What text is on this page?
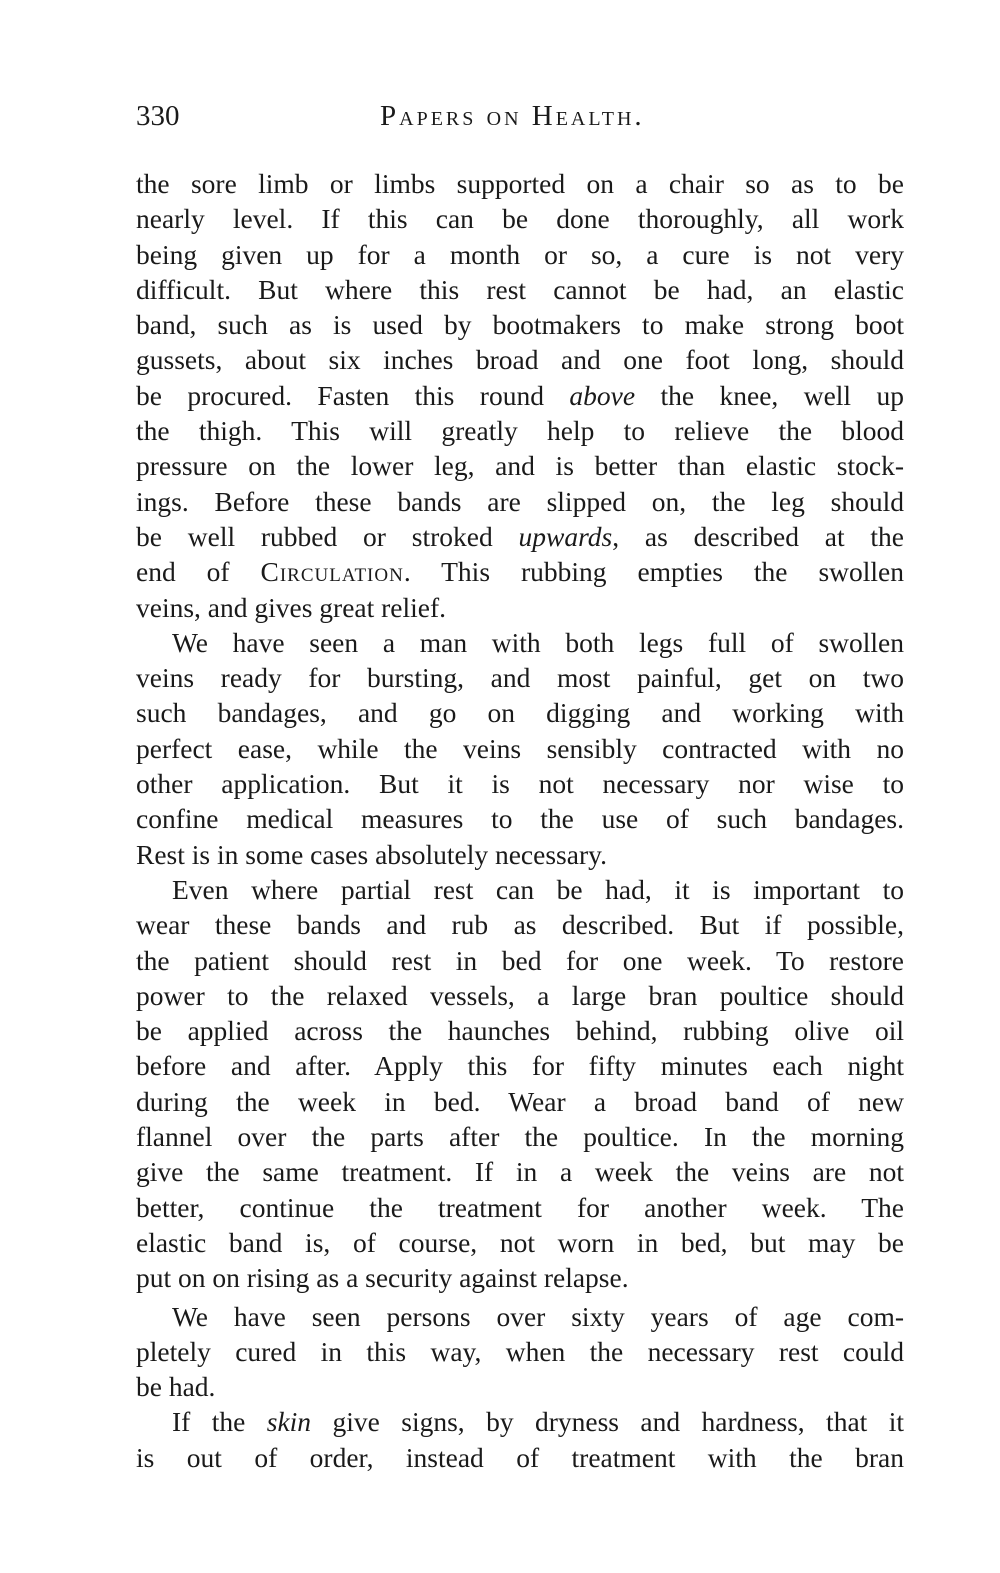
330	Papers on Health.
the sore limb or limbs supported on a chair so as to be
nearly level. If this can be done thoroughly, all work
being given up for a month or so, a cure is not very
difficult. But where this rest cannot be had, an elastic
band, such as is used by bootmakers to make strong boot
gussets, about six inches broad and one foot long, should
be procured. Fasten this round above the knee, well up
the thigh. This will greatly help to relieve the blood
pressure on the lower leg, and is better than elastic stock-
ings. Before these bands are slipped on, the leg should
be well rubbed or stroked upwards, as described at the
end of Circulation. This rubbing empties the swollen
veins, and gives great relief.
We have seen a man with both legs full of swollen
veins ready for bursting, and most painful, get on two
such bandages, and go on digging and working with
perfect ease, while the veins sensibly contracted with no
other application. But it is not necessary nor wise to
confine medical measures to the use of such bandages.
Rest is in some cases absolutely necessary.
Even where partial rest can be had, it is important to
wear these bands and rub as described. But if possible,
the patient should rest in bed for one week. To restore
power to the relaxed vessels, a large bran poultice should
be applied across the haunches behind, rubbing olive oil
before and after. Apply this for fifty minutes each night
during the week in bed. Wear a broad band of new
flannel over the parts after the poultice. In the morning
give the same treatment. If in a week the veins are not
better, continue the treatment for another week. The
elastic band is, of course, not worn in bed, but may be
put on on rising as a security against relapse.
We have seen persons over sixty years of age com-
pletely cured in this way, when the necessary rest could
be had.
If the skin give signs, by dryness and hardness, that it
is out of order, instead of treatment with the bran
